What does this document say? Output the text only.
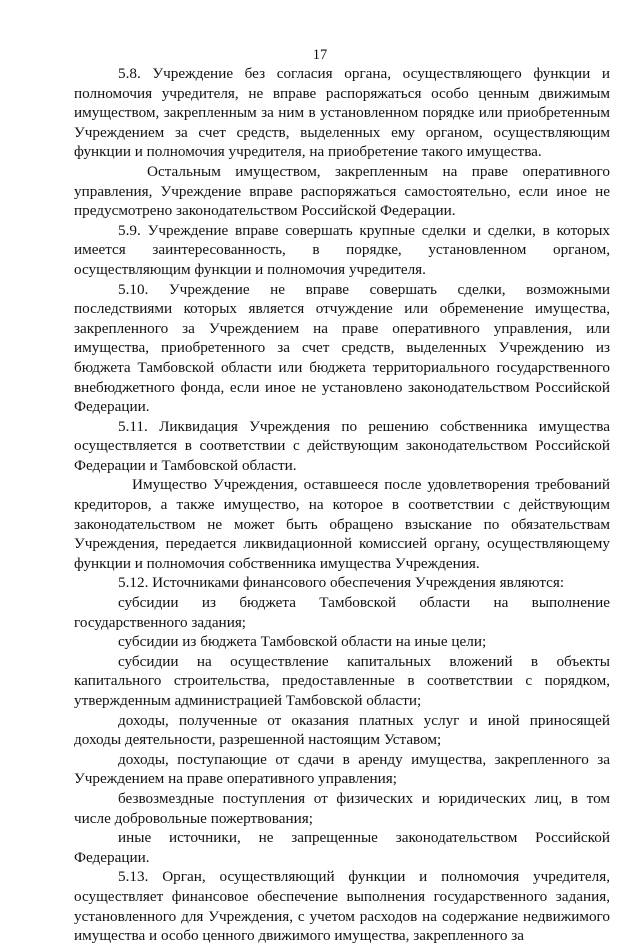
17

5.8. Учреждение без согласия органа, осуществляющего функции и полномочия учредителя, не вправе распоряжаться особо ценным движимым имуществом, закрепленным за ним в установленном порядке или приобретенным Учреждением за счет средств, выделенных ему органом, осуществляющим функции и полномочия учредителя, на приобретение такого имущества.

Остальным имуществом, закрепленным на праве оперативного управления, Учреждение вправе распоряжаться самостоятельно, если иное не предусмотрено законодательством Российской Федерации.

5.9. Учреждение вправе совершать крупные сделки и сделки, в которых имеется заинтересованность, в порядке, установленном органом, осуществляющим функции и полномочия учредителя.

5.10. Учреждение не вправе совершать сделки, возможными последствиями которых является отчуждение или обременение имущества, закрепленного за Учреждением на праве оперативного управления, или имущества, приобретенного за счет средств, выделенных Учреждению из бюджета Тамбовской области или бюджета территориального государственного внебюджетного фонда, если иное не установлено законодательством Российской Федерации.

5.11. Ликвидация Учреждения по решению собственника имущества осуществляется в соответствии с действующим законодательством Российской Федерации и Тамбовской области.

Имущество Учреждения, оставшееся после удовлетворения требований кредиторов, а также имущество, на которое в соответствии с действующим законодательством не может быть обращено взыскание по обязательствам Учреждения, передается ликвидационной комиссией органу, осуществляющему функции и полномочия собственника имущества Учреждения.

5.12. Источниками финансового обеспечения Учреждения являются:

субсидии из бюджета Тамбовской области на выполнение государственного задания;

субсидии из бюджета Тамбовской области на иные цели;

субсидии на осуществление капитальных вложений в объекты капитального строительства, предоставленные в соответствии с порядком, утвержденным администрацией Тамбовской области;

доходы, полученные от оказания платных услуг и иной приносящей доходы деятельности, разрешенной настоящим Уставом;

доходы, поступающие от сдачи в аренду имущества, закрепленного за Учреждением на праве оперативного управления;

безвозмездные поступления от физических и юридических лиц, в том числе добровольные пожертвования;

иные источники, не запрещенные законодательством Российской Федерации.

5.13. Орган, осуществляющий функции и полномочия учредителя, осуществляет финансовое обеспечение выполнения государственного задания, установленного для Учреждения, с учетом расходов на содержание недвижимого имущества и особо ценного движимого имущества, закрепленного за
